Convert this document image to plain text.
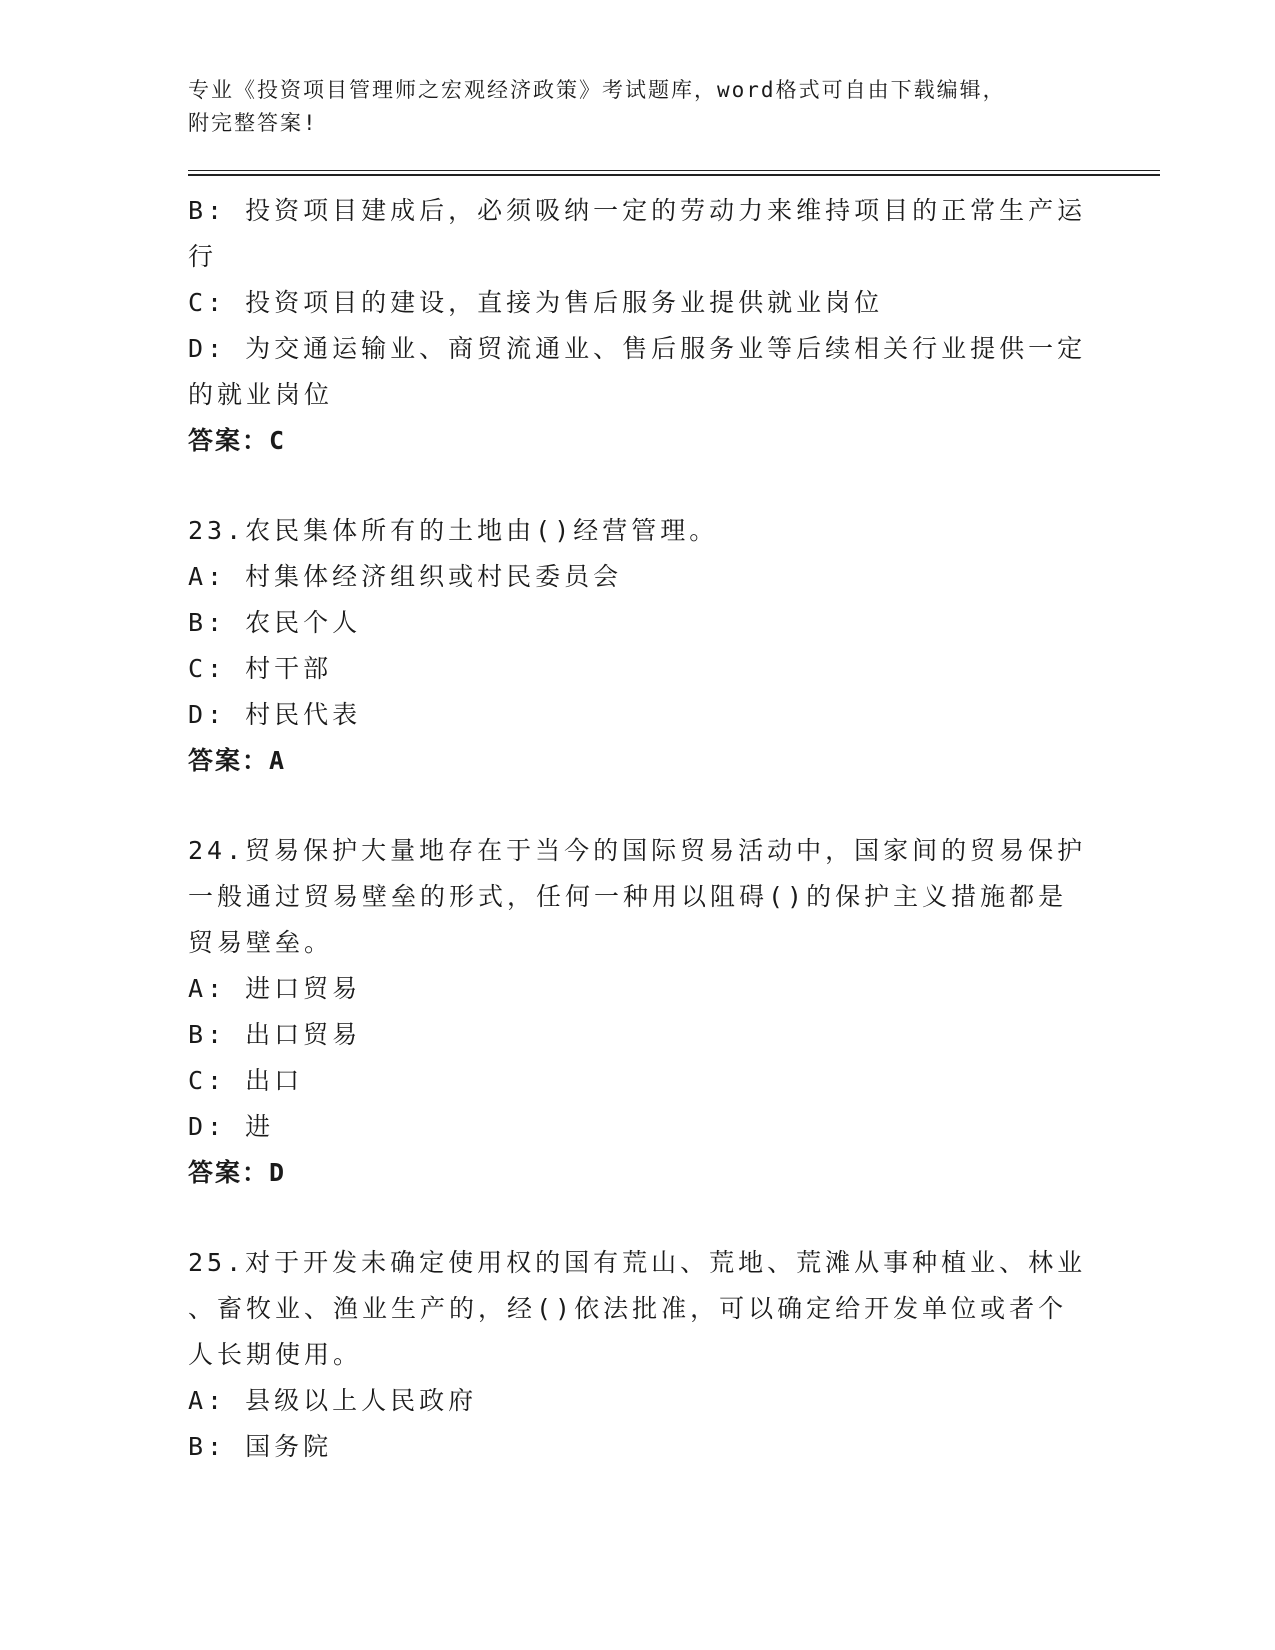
专业《投资项目管理师之宏观经济政策》考试题库，word格式可自由下载编辑，
附完整答案!
B: 投资项目建成后，必须吸纳一定的劳动力来维持项目的正常生产运
行
C: 投资项目的建设，直接为售后服务业提供就业岗位
D: 为交通运输业、商贸流通业、售后服务业等后续相关行业提供一定
的就业岗位
答案：C
23.农民集体所有的土地由()经营管理。
A: 村集体经济组织或村民委员会
B: 农民个人
C: 村干部
D: 村民代表
答案：A
24.贸易保护大量地存在于当今的国际贸易活动中，国家间的贸易保护
一般通过贸易壁垒的形式，任何一种用以阻碍()的保护主义措施都是
贸易壁垒。
A: 进口贸易
B: 出口贸易
C: 出口
D: 进
答案：D
25.对于开发未确定使用权的国有荒山、荒地、荒滩从事种植业、林业
、畜牧业、渔业生产的，经()依法批准，可以确定给开发单位或者个
人长期使用。
A: 县级以上人民政府
B: 国务院
